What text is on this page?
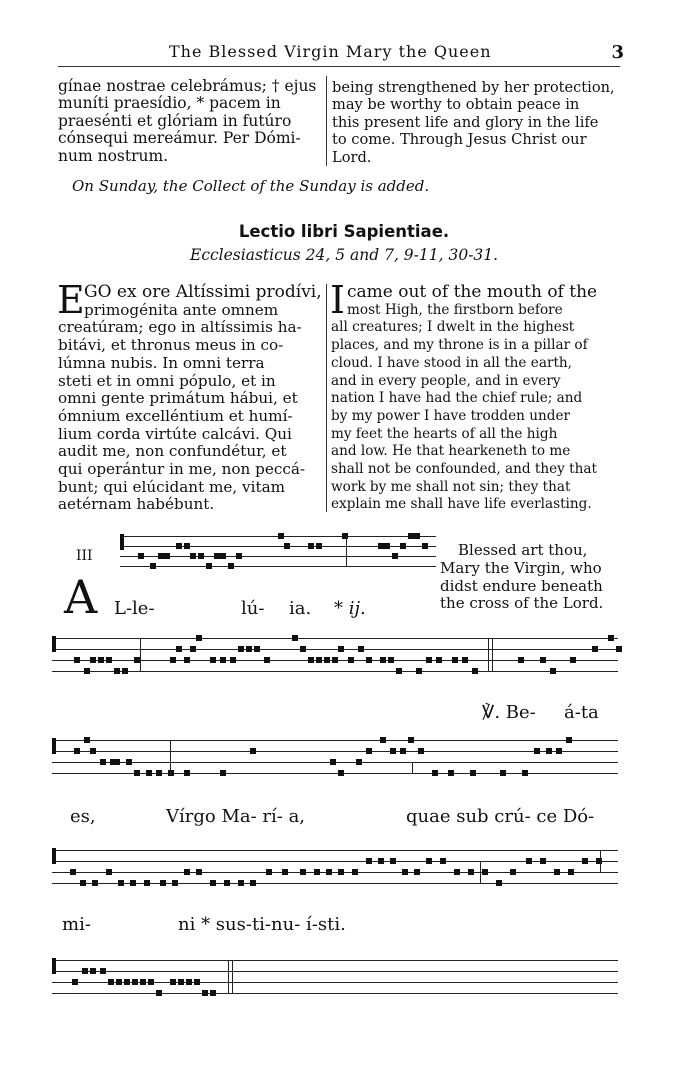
The Blessed Virgin Mary the Queen	3
gínae nostrae celebrámus; † ejus
muníti praesídio, * pacem in
praesénti et glóriam in futúro
cónsequi mereámur. Per Dómi-
num nostrum.
being strengthened by her protection,
may be worthy to obtain peace in
this present life and glory in the life
to come. Through Jesus Christ our
Lord.
On Sunday, the Collect of the Sunday is added.
Lectio libri Sapientiae.
Ecclesiasticus 24, 5 and 7, 9-11, 30-31.
E GO ex ore Altíssimi prodívi,
primogénita ante omnem
creatúram; ego in altíssimis ha-
bitávi, et thronus meus in co-
lúmna nubis. In omni terra
steti et in omni pópulo, et in
omni gente primátum hábui, et
ómnium excelléntium et humí-
lium corda virtúte calcávi. Qui
audit me, non confundétur, et
qui operántur in me, non peccá-
bunt; qui elúcidant me, vitam
aetérnam habébunt.
I came out of the mouth of the
most High, the firstborn before
all creatures; I dwelt in the highest
places, and my throne is in a pillar of
cloud. I have stood in all the earth,
and in every people, and in every
nation I have had the chief rule; and
by my power I have trodden under
my feet the hearts of all the high
and low. He that hearkeneth to me
shall not be confounded, and they that
work by me shall not sin; they that
explain me shall have life everlasting.
III
A L-le-	lú- ia. * ij.
Blessed art thou,
Mary the Virgin, who
didst endure beneath
the cross of the Lord.
℣. Be- á-ta
es,	Vírgo Ma- rí- a,	quae sub crú- ce Dó-
mi-	ni * sus-ti-nu- í-sti.
